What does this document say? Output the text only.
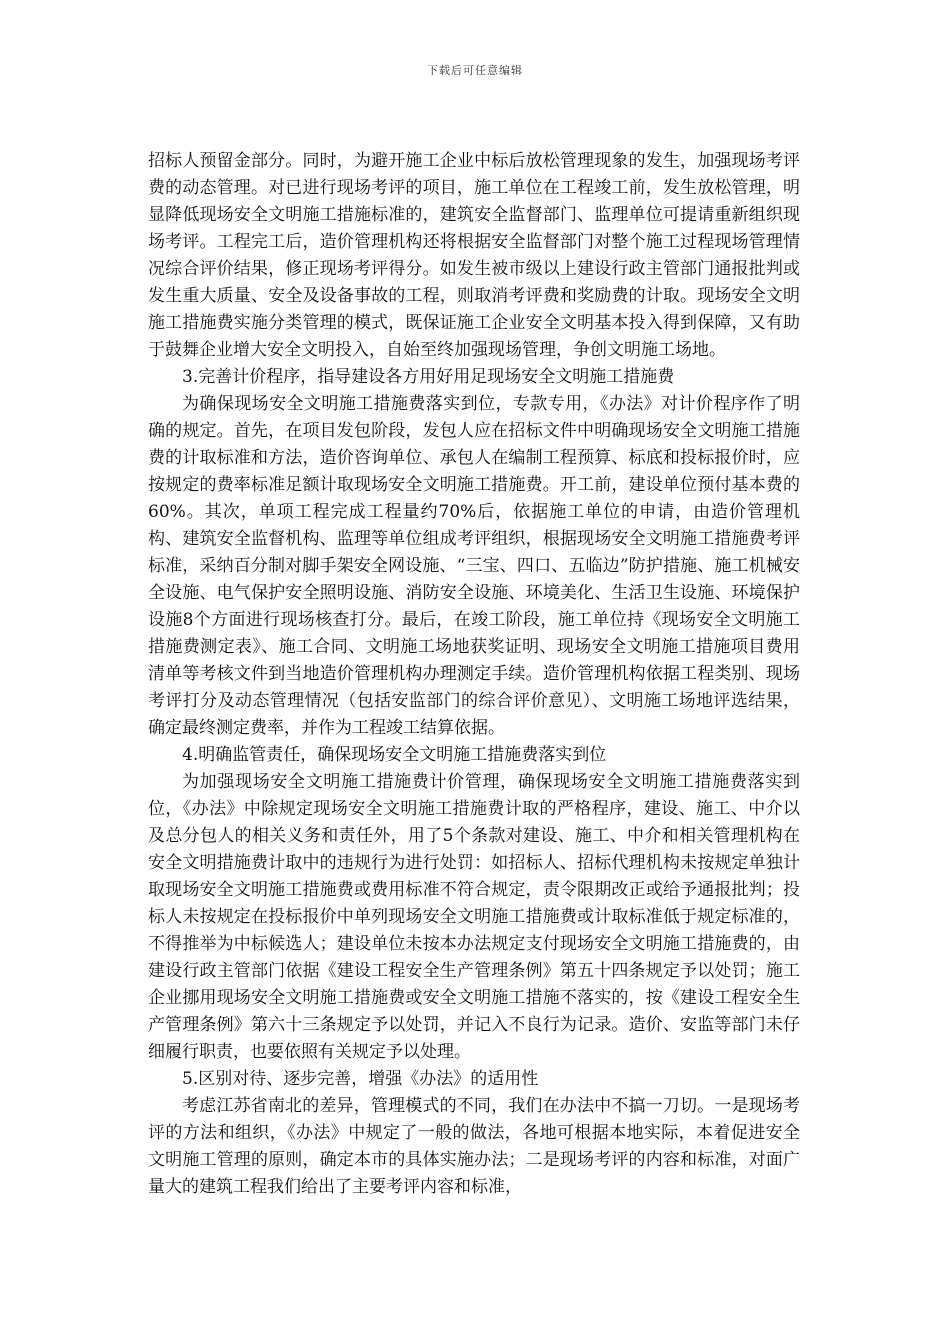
下载后可任意编辑

招标人预留金部分。同时，为避开施工企业中标后放松管理现象的发生，加强现场考评费的动态管理。对已进行现场考评的项目，施工单位在工程竣工前，发生放松管理，明显降低现场安全文明施工措施标准的，建筑安全监督部门、监理单位可提请重新组织现场考评。工程完工后，造价管理机构还将根据安全监督部门对整个施工过程现场管理情况综合评价结果，修正现场考评得分。如发生被市级以上建设行政主管部门通报批判或发生重大质量、安全及设备事故的工程，则取消考评费和奖励费的计取。现场安全文明施工措施费实施分类管理的模式，既保证施工企业安全文明基本投入得到保障，又有助于鼓舞企业增大安全文明投入，自始至终加强现场管理，争创文明施工场地。

3.完善计价程序，指导建设各方用好用足现场安全文明施工措施费

为确保现场安全文明施工措施费落实到位，专款专用，《办法》对计价程序作了明确的规定。首先，在项目发包阶段，发包人应在招标文件中明确现场安全文明施工措施费的计取标准和方法，造价咨询单位、承包人在编制工程预算、标底和投标报价时，应按规定的费率标准足额计取现场安全文明施工措施费。开工前，建设单位预付基本费的60%。其次，单项工程完成工程量约70%后，依据施工单位的申请，由造价管理机构、建筑安全监督机构、监理等单位组成考评组织，根据现场安全文明施工措施费考评标准，采纳百分制对脚手架安全网设施、“三宝、四口、五临边”防护措施、施工机械安全设施、电气保护安全照明设施、消防安全设施、环境美化、生活卫生设施、环境保护设施8个方面进行现场核查打分。最后，在竣工阶段，施工单位持《现场安全文明施工措施费测定表》、施工合同、文明施工场地获奖证明、现场安全文明施工措施项目费用清单等考核文件到当地造价管理机构办理测定手续。造价管理机构依据工程类别、现场考评打分及动态管理情况（包括安监部门的综合评价意见）、文明施工场地评选结果，确定最终测定费率，并作为工程竣工结算依据。

4.明确监管责任，确保现场安全文明施工措施费落实到位

为加强现场安全文明施工措施费计价管理，确保现场安全文明施工措施费落实到位，《办法》中除规定现场安全文明施工措施费计取的严格程序，建设、施工、中介以及总分包人的相关义务和责任外，用了5个条款对建设、施工、中介和相关管理机构在安全文明措施费计取中的违规行为进行处罚：如招标人、招标代理机构未按规定单独计取现场安全文明施工措施费或费用标准不符合规定，责令限期改正或给予通报批判；投标人未按规定在投标报价中单列现场安全文明施工措施费或计取标准低于规定标准的，不得推举为中标候选人；建设单位未按本办法规定支付现场安全文明施工措施费的，由建设行政主管部门依据《建设工程安全生产管理条例》第五十四条规定予以处罚；施工企业挪用现场安全文明施工措施费或安全文明施工措施不落实的，按《建设工程安全生产管理条例》第六十三条规定予以处罚，并记入不良行为记录。造价、安监等部门未仔细履行职责，也要依照有关规定予以处理。

5.区别对待、逐步完善，增强《办法》的适用性

考虑江苏省南北的差异，管理模式的不同，我们在办法中不搞一刀切。一是现场考评的方法和组织，《办法》中规定了一般的做法，各地可根据本地实际，本着促进安全文明施工管理的原则，确定本市的具体实施办法；二是现场考评的内容和标准，对面广量大的建筑工程我们给出了主要考评内容和标准，
